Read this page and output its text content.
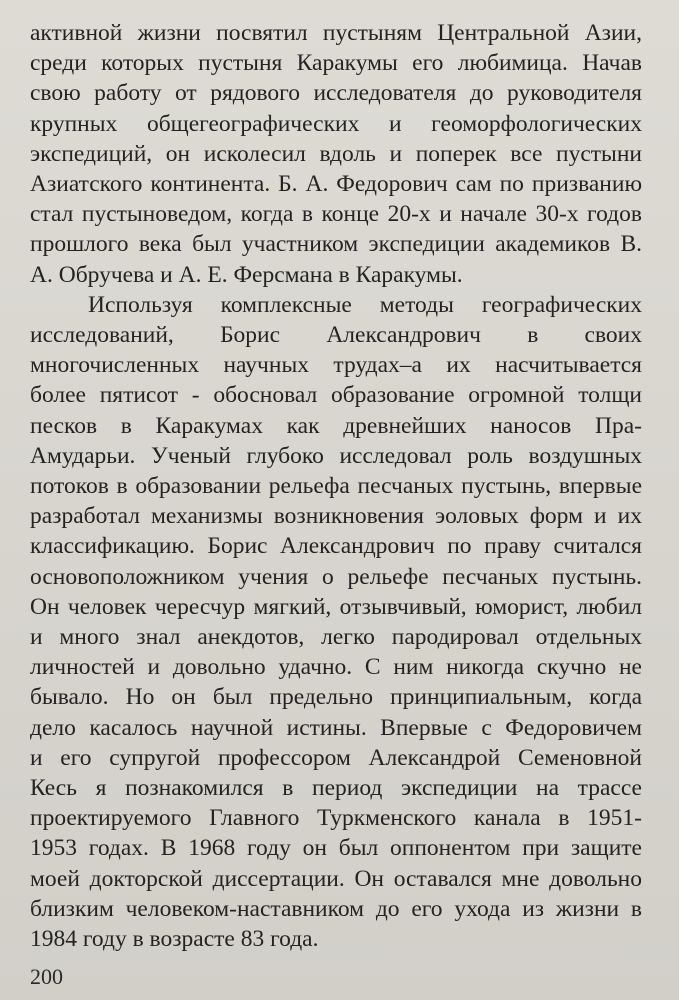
активной жизни посвятил пустыням Центральной Азии,
среди которых пустыня Каракумы его любимица. Начав
свою работу от рядового исследователя до руководителя
крупных общегеографических и геоморфологических
экспедиций, он исколесил вдоль и поперек все пустыни
Азиатского континента. Б. А. Федорович сам по призванию
стал пустыноведом, когда в конце 20-х и начале 30-х годов
прошлого века был участником экспедиции академиков В.
А. Обручева и А. Е. Ферсмана в Каракумы.
Используя комплексные методы географических
исследований, Борис Александрович в своих
многочисленных научных трудах–а их насчитывается
более пятисот - обосновал образование огромной толщи
песков в Каракумах как древнейших наносов Пра-
Амударьи. Ученый глубоко исследовал роль воздушных
потоков в образовании рельефа песчаных пустынь, впервые
разработал механизмы возникновения эоловых форм и их
классификацию. Борис Александрович по праву считался
основоположником учения о рельефе песчаных пустынь.
Он человек чересчур мягкий, отзывчивый, юморист, любил
и много знал анекдотов, легко пародировал отдельных
личностей и довольно удачно. С ним никогда скучно не
бывало. Но он был предельно принципиальным, когда
дело касалось научной истины. Впервые с Федоровичем
и его супругой профессором Александрой Семеновной
Кесь я познакомился в период экспедиции на трассе
проектируемого Главного Туркменского канала в 1951-
1953 годах. В 1968 году он был оппонентом при защите
моей докторской диссертации. Он оставался мне довольно
близким человеком-наставником до его ухода из жизни в
1984 году в возрасте 83 года.
200
